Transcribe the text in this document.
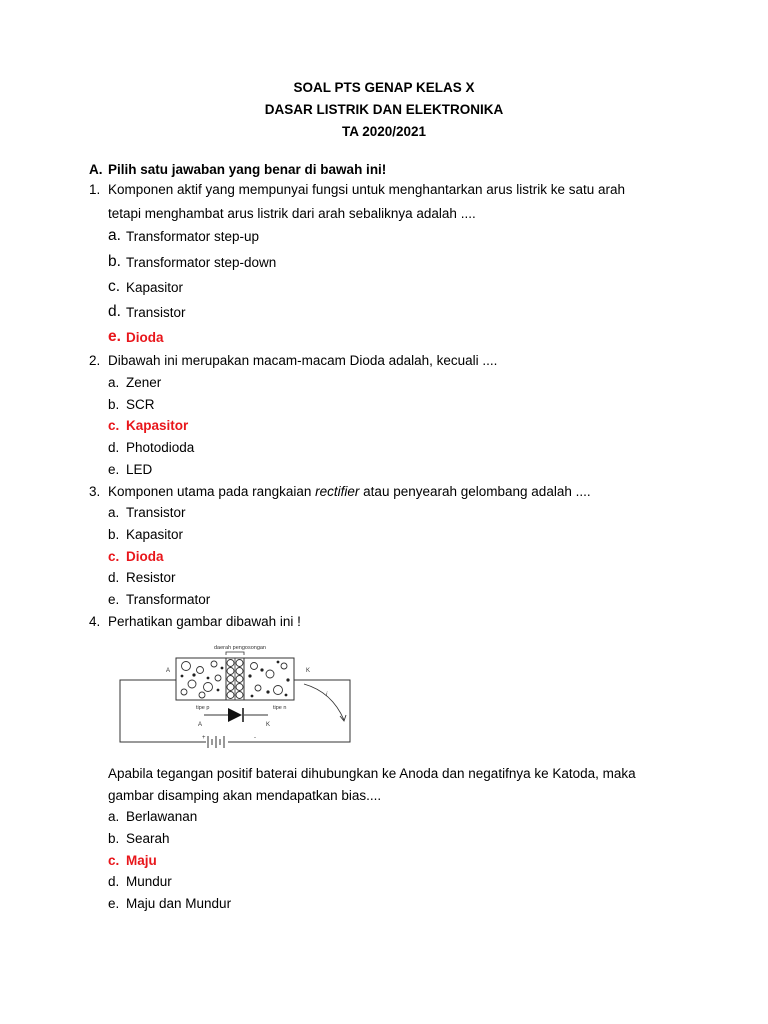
SOAL PTS GENAP KELAS X
DASAR LISTRIK DAN ELEKTRONIKA
TA 2020/2021
A. Pilih satu jawaban yang benar di bawah ini!
1. Komponen aktif yang mempunyai fungsi untuk menghantarkan arus listrik ke satu arah
tetapi menghambat arus listrik dari arah sebaliknya adalah ....
a. Transformator step-up
b. Transformator step-down
c. Kapasitor
d. Transistor
e. Dioda
2. Dibawah ini merupakan macam-macam Dioda adalah, kecuali ....
a. Zener
b. SCR
c. Kapasitor
d. Photodioda
e. LED
3. Komponen utama pada rangkaian rectifier atau penyearah gelombang adalah ....
a. Transistor
b. Kapasitor
c. Dioda
d. Resistor
e. Transformator
4. Perhatikan gambar dibawah ini !
+	-
daerah pengosongan
A	K
i
tipe p	tipe n
A	K
Apabila tegangan positif baterai dihubungkan ke Anoda dan negatifnya ke Katoda, maka
gambar disamping akan mendapatkan bias....
a. Berlawanan
b. Searah
c. Maju
d. Mundur
e. Maju dan Mundur
